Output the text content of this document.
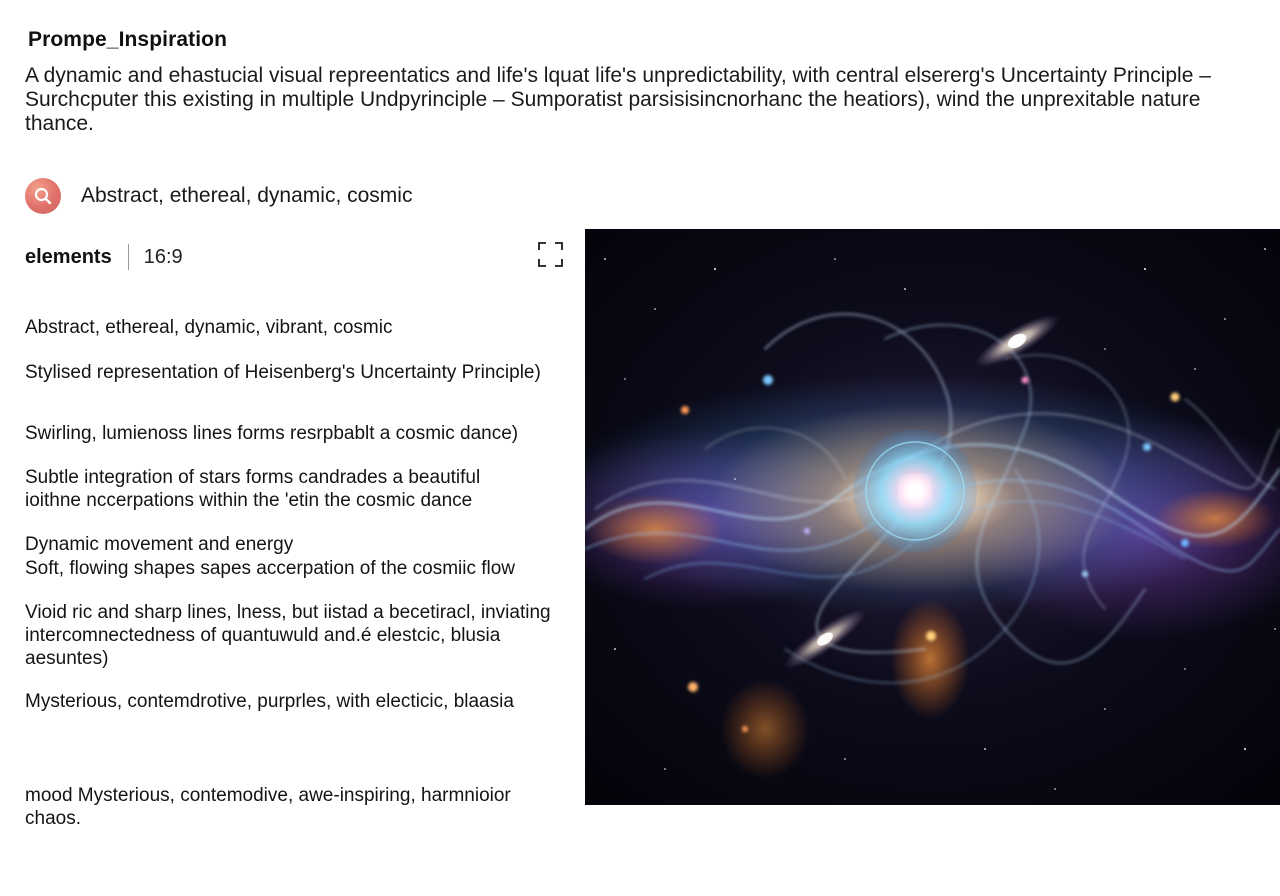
Prompe_Inspiration
A dynamic and ehastucial visual repreentatics and life's lquat life's unpredictability, with central elsererg's Uncertainty Principle – Surchcputer this existing in multiple Undpyrinciple – Sumporatist parsisisincnorhanc the heatiors), wind the unprexitable nature thance.
Abstract, ethereal, dynamic, cosmic
elements 16:9
Abstract, ethereal, dynamic, vibrant, cosmic
Stylised representation of Heisenberg's Uncertainty Principle)
Swirling, lumienoss lines forms resrpbablt a cosmic dance)
Subtle integration of stars forms candrades a beautiful
ioithne nccerpations within the 'etin the cosmic dance
Dynamic movement and energy
Soft, flowing shapes sapes accerpation of the cosmiic flow
Vioid ric and sharp lines, lness, but iistad a becetiracl, inviating
intercomnectedness of quantuwuld and.é elestcic, blusia
aesuntes)
Mysterious, contemdrotive, purprles, with electicic, blaasia
mood Mysterious, contemodive, awe-inspiring, harmnioior chaos.
